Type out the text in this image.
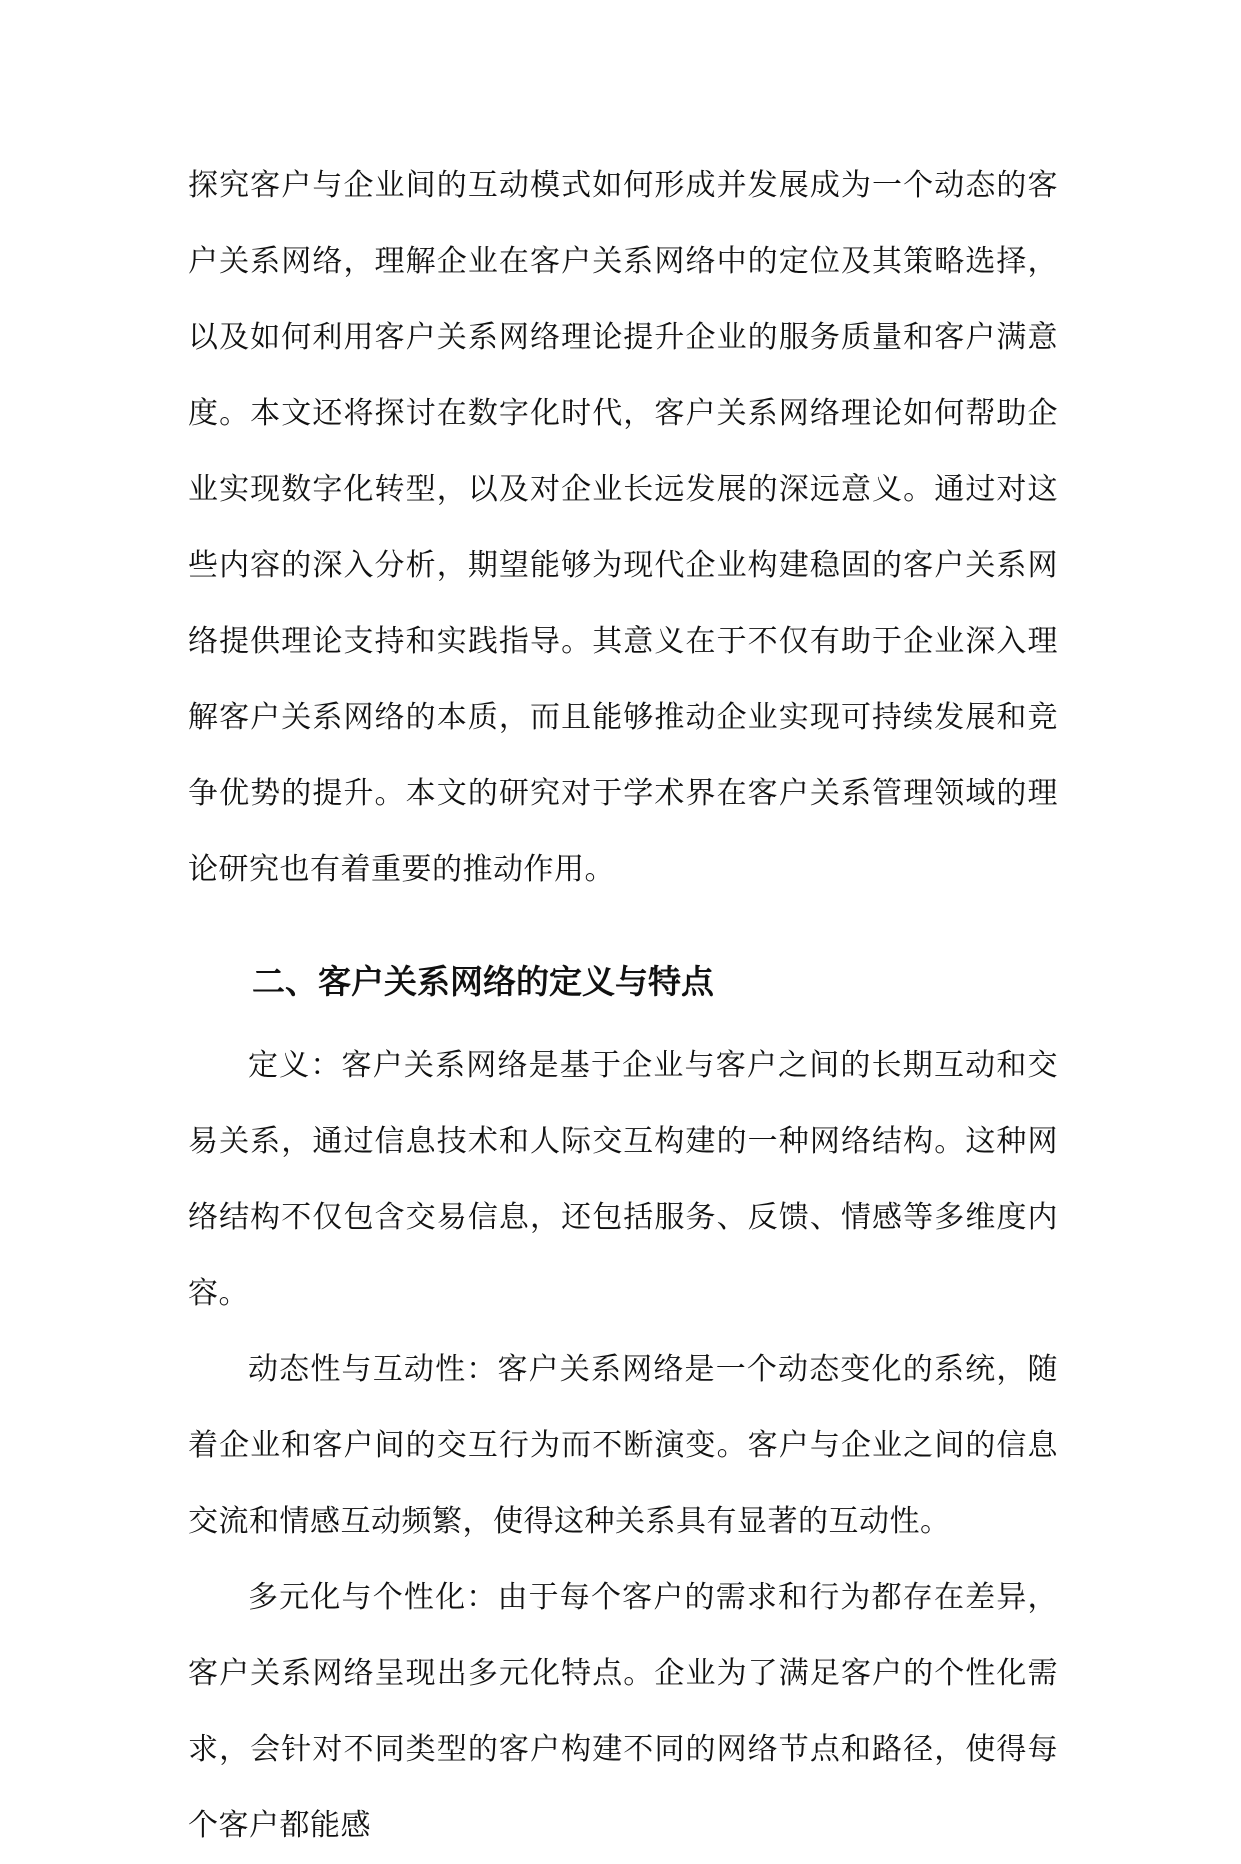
探究客户与企业间的互动模式如何形成并发展成为一个动态的客户关系网络，理解企业在客户关系网络中的定位及其策略选择，以及如何利用客户关系网络理论提升企业的服务质量和客户满意度。本文还将探讨在数字化时代，客户关系网络理论如何帮助企业实现数字化转型，以及对企业长远发展的深远意义。通过对这些内容的深入分析，期望能够为现代企业构建稳固的客户关系网络提供理论支持和实践指导。其意义在于不仅有助于企业深入理解客户关系网络的本质，而且能够推动企业实现可持续发展和竞争优势的提升。本文的研究对于学术界在客户关系管理领域的理论研究也有着重要的推动作用。

二、客户关系网络的定义与特点

定义：客户关系网络是基于企业与客户之间的长期互动和交易关系，通过信息技术和人际交互构建的一种网络结构。这种网络结构不仅包含交易信息，还包括服务、反馈、情感等多维度内容。

动态性与互动性：客户关系网络是一个动态变化的系统，随着企业和客户间的交互行为而不断演变。客户与企业之间的信息交流和情感互动频繁，使得这种关系具有显著的互动性。

多元化与个性化：由于每个客户的需求和行为都存在差异，客户关系网络呈现出多元化特点。企业为了满足客户的个性化需求，会针对不同类型的客户构建不同的网络节点和路径，使得每个客户都能感
